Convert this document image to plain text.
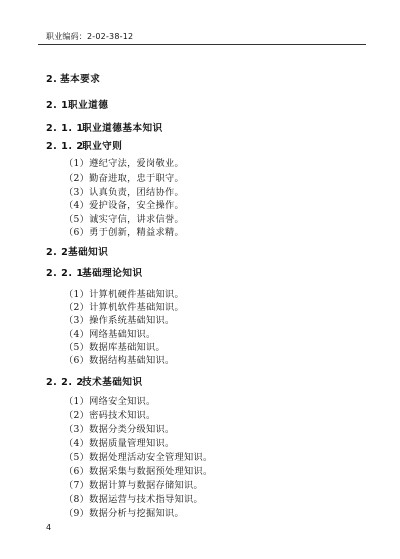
职业编码：2-02-38-12
2. 基本要求
2. 1职业道德
2. 1. 1职业道德基本知识
2. 1. 2职业守则
（1）遵纪守法，爱岗敬业。
（2）勤奋进取，忠于职守。
（3）认真负责，团结协作。
（4）爱护设备，安全操作。
（5）诚实守信，讲求信誉。
（6）勇于创新，精益求精。
2. 2基础知识
2. 2. 1基础理论知识
（1）计算机硬件基础知识。
（2）计算机软件基础知识。
（3）操作系统基础知识。
（4）网络基础知识。
（5）数据库基础知识。
（6）数据结构基础知识。
2. 2. 2技术基础知识
（1）网络安全知识。
（2）密码技术知识。
（3）数据分类分级知识。
（4）数据质量管理知识。
（5）数据处理活动安全管理知识。
（6）数据采集与数据预处理知识。
（7）数据计算与数据存储知识。
（8）数据运营与技术指导知识。
（9）数据分析与挖掘知识。
4
